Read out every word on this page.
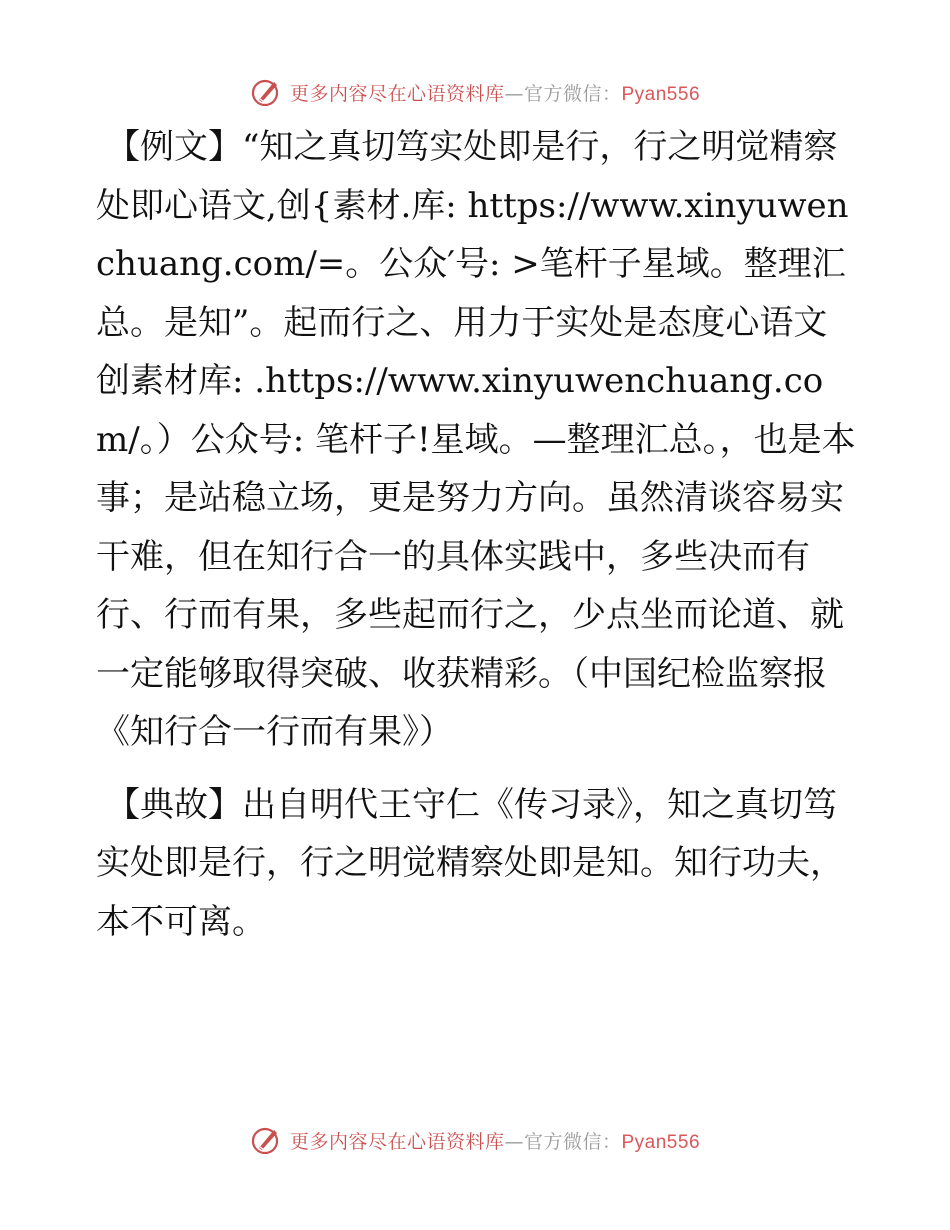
更多内容尽在心语资料库—官方微信：Pyan556

【例文】“知之真切笃实处即是行，行之明觉精察处即心语文,创{素材.库: https://www.xinyuwenchuang.com/=。公众′号: >笔杆子星域。整理汇总。是知”。起而行之、用力于实处是态度心语文创素材库: .https://www.xinyuwenchuang.com/。）公众号: 笔杆子!星域。—整理汇总。，也是本事；是站稳立场，更是努力方向。虽然清谈容易实干难，但在知行合一的具体实践中，多些决而有行、行而有果，多些起而行之，少点坐而论道、就一定能够取得突破、收获精彩。（中国纪检监察报《知行合一行而有果》）

【典故】出自明代王守仁《传习录》，知之真切笃实处即是行，行之明觉精察处即是知。知行功夫，本不可离。

更多内容尽在心语资料库—官方微信：Pyan556
